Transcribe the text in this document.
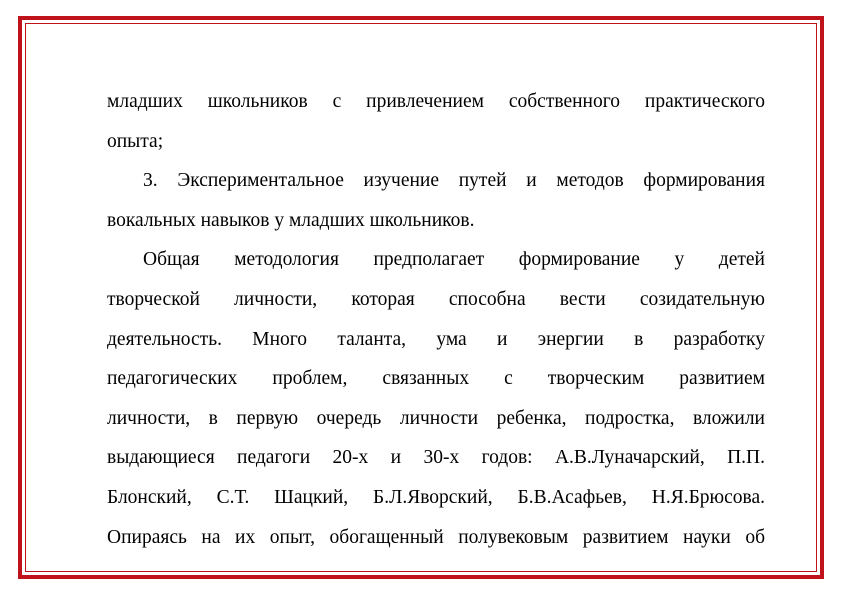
младших школьников с привлечением собственного практического
опыта;
3. Экспериментальное изучение путей и методов формирования
вокальных навыков у младших школьников.
Общая методология предполагает формирование у детей
творческой личности, которая способна вести созидательную
деятельность. Много таланта, ума и энергии в разработку
педагогических проблем, связанных с творческим развитием
личности, в первую очередь личности ребенка, подростка, вложили
выдающиеся педагоги 20-х и 30-х годов: А.В.Луначарский, П.П.
Блонский, С.Т. Шацкий, Б.Л.Яворский, Б.В.Асафьев, Н.Я.Брюсова.
Опираясь на их опыт, обогащенный полувековым развитием науки об
